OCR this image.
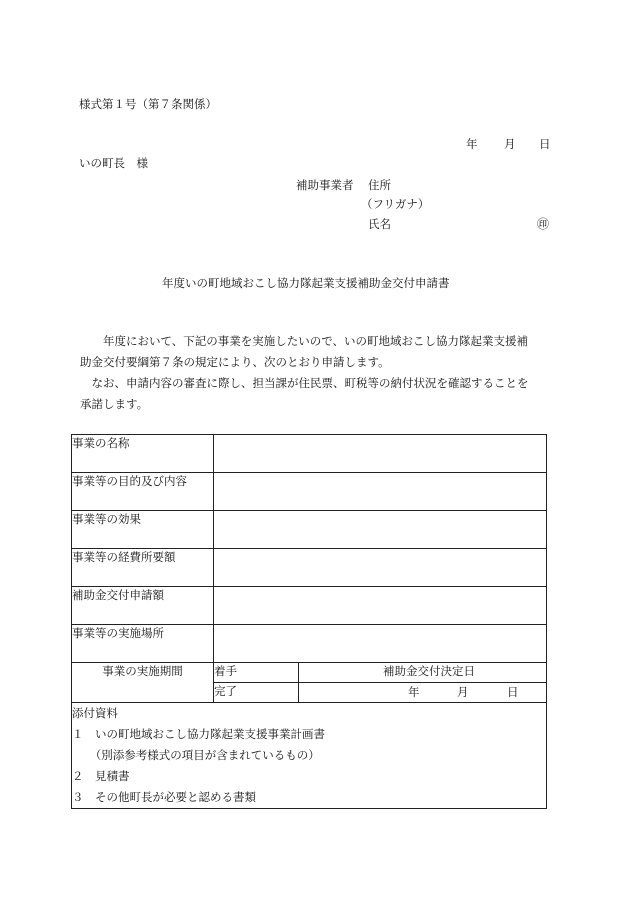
様式第１号（第７条関係）
年 月 日
いの町長　様
補助事業者 住所
（フリガナ）
氏名	㊞
年度いの町地域おこし協力隊起業支援補助金交付申請書

年度において、下記の事業を実施したいので、いの町地域おこし協力隊起業支援補

助金交付要綱第７条の規定により、次のとおり申請します。

なお、申請内容の審査に際し、担当課が住民票、町税等の納付状況を確認することを

承諾します。

事業の名称		
事業等の目的及び内容		
事業等の効果		
事業等の経費所要額		
補助金交付申請額		
事業等の実施場所		
事業の実施期間	着手	補助金交付決定日
	完了	年 月 日

添付資料
１　いの町地域おこし協力隊起業支援事業計画書
　（別添参考様式の項目が含まれているもの）
２　見積書
３　その他町長が必要と認める書類		
